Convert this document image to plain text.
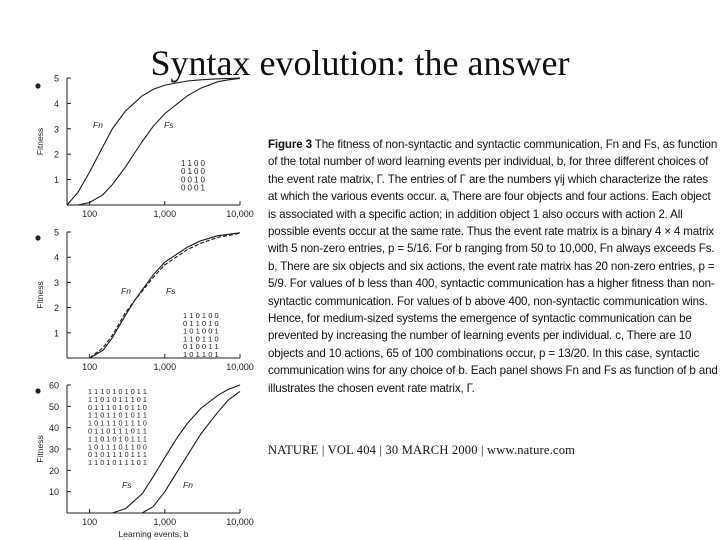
Syntax evolution: the answer
1
2
3
4
5
100	1,000	10,000
Fitness
Fn	Fs
1 1 0 0
0 1 0 0
0 0 1 0
0 0 0 1
1
2
3
4
5
100	1,000	10,000
Fitness	Fn	Fs
1 1 0 1 0 0
0 1 1 0 1 0
1 0 1 0 0 1
1 1 0 1 1 0
0 1 0 0 1 1
1 0 1 1 0 1
10
20
30
40
50
60
100	1,000	10,000
Fitness
Learning events, b
Fs	Fn
1 1 1 0 1 0 1 0 1 1
1 1 0 1 0 1 1 1 0 1
0 1 1 1 0 1 0 1 1 0
1 1 0 1 1 0 1 0 1 1
1 0 1 1 1 0 1 1 1 0
0 1 1 0 1 1 1 0 1 1
1 1 0 1 0 1 0 1 1 1
1 0 1 1 1 0 1 1 0 0
0 1 0 1 1 1 0 1 1 1
1 1 0 1 0 1 1 1 0 1
Figure 3 The fitness of non-syntactic and syntactic communication, Fn and Fs, as function of the total number of word learning events per individual, b, for three different choices of the event rate matrix, Γ. The entries of Γ are the numbers γij which characterize the rates at which the various events occur. a, There are four objects and four actions. Each object is associated with a specific action; in addition object 1 also occurs with action 2. All possible events occur at the same rate. Thus the event rate matrix is a binary 4 × 4 matrix with 5 non-zero entries, p = 5/16. For b ranging from 50 to 10,000, Fn always exceeds Fs. b, There are six objects and six actions, the event rate matrix has 20 non-zero entries, p = 5/9. For values of b less than 400, syntactic communication has a higher fitness than non-syntactic communication. For values of b above 400, non-syntactic communication wins. Hence, for medium-sized systems the emergence of syntactic communication can be prevented by increasing the number of learning events per individual. c, There are 10 objects and 10 actions, 65 of 100 combinations occur, p = 13/20. In this case, syntactic communication wins for any choice of b. Each panel shows Fn and Fs as function of b and illustrates the chosen event rate matrix, Γ.
NATURE | VOL 404 | 30 MARCH 2000 | www.nature.com
